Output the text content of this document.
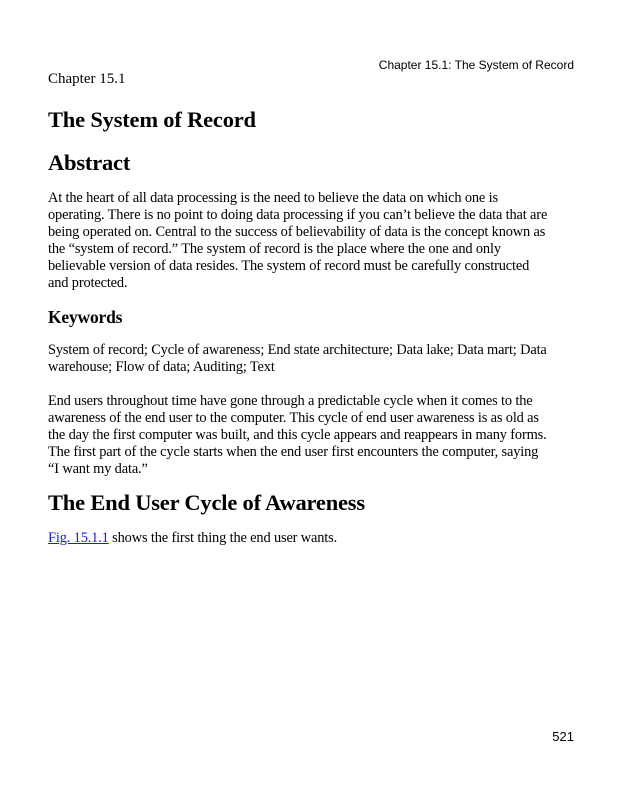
Chapter 15.1: The System of Record

Chapter 15.1

The System of Record
Abstract

At the heart of all data processing is the need to believe the data on which one is
operating. There is no point to doing data processing if you can’t believe the data that are
being operated on. Central to the success of believability of data is the concept known as
the “system of record.” The system of record is the place where the one and only
believable version of data resides. The system of record must be carefully constructed
and protected.

Keywords

System of record; Cycle of awareness; End state architecture; Data lake; Data mart; Data
warehouse; Flow of data; Auditing; Text

End users throughout time have gone through a predictable cycle when it comes to the
awareness of the end user to the computer. This cycle of end user awareness is as old as
the day the first computer was built, and this cycle appears and reappears in many forms.
The first part of the cycle starts when the end user first encounters the computer, saying
“I want my data.”

The End User Cycle of Awareness

Fig. 15.1.1 shows the first thing the end user wants.

521
